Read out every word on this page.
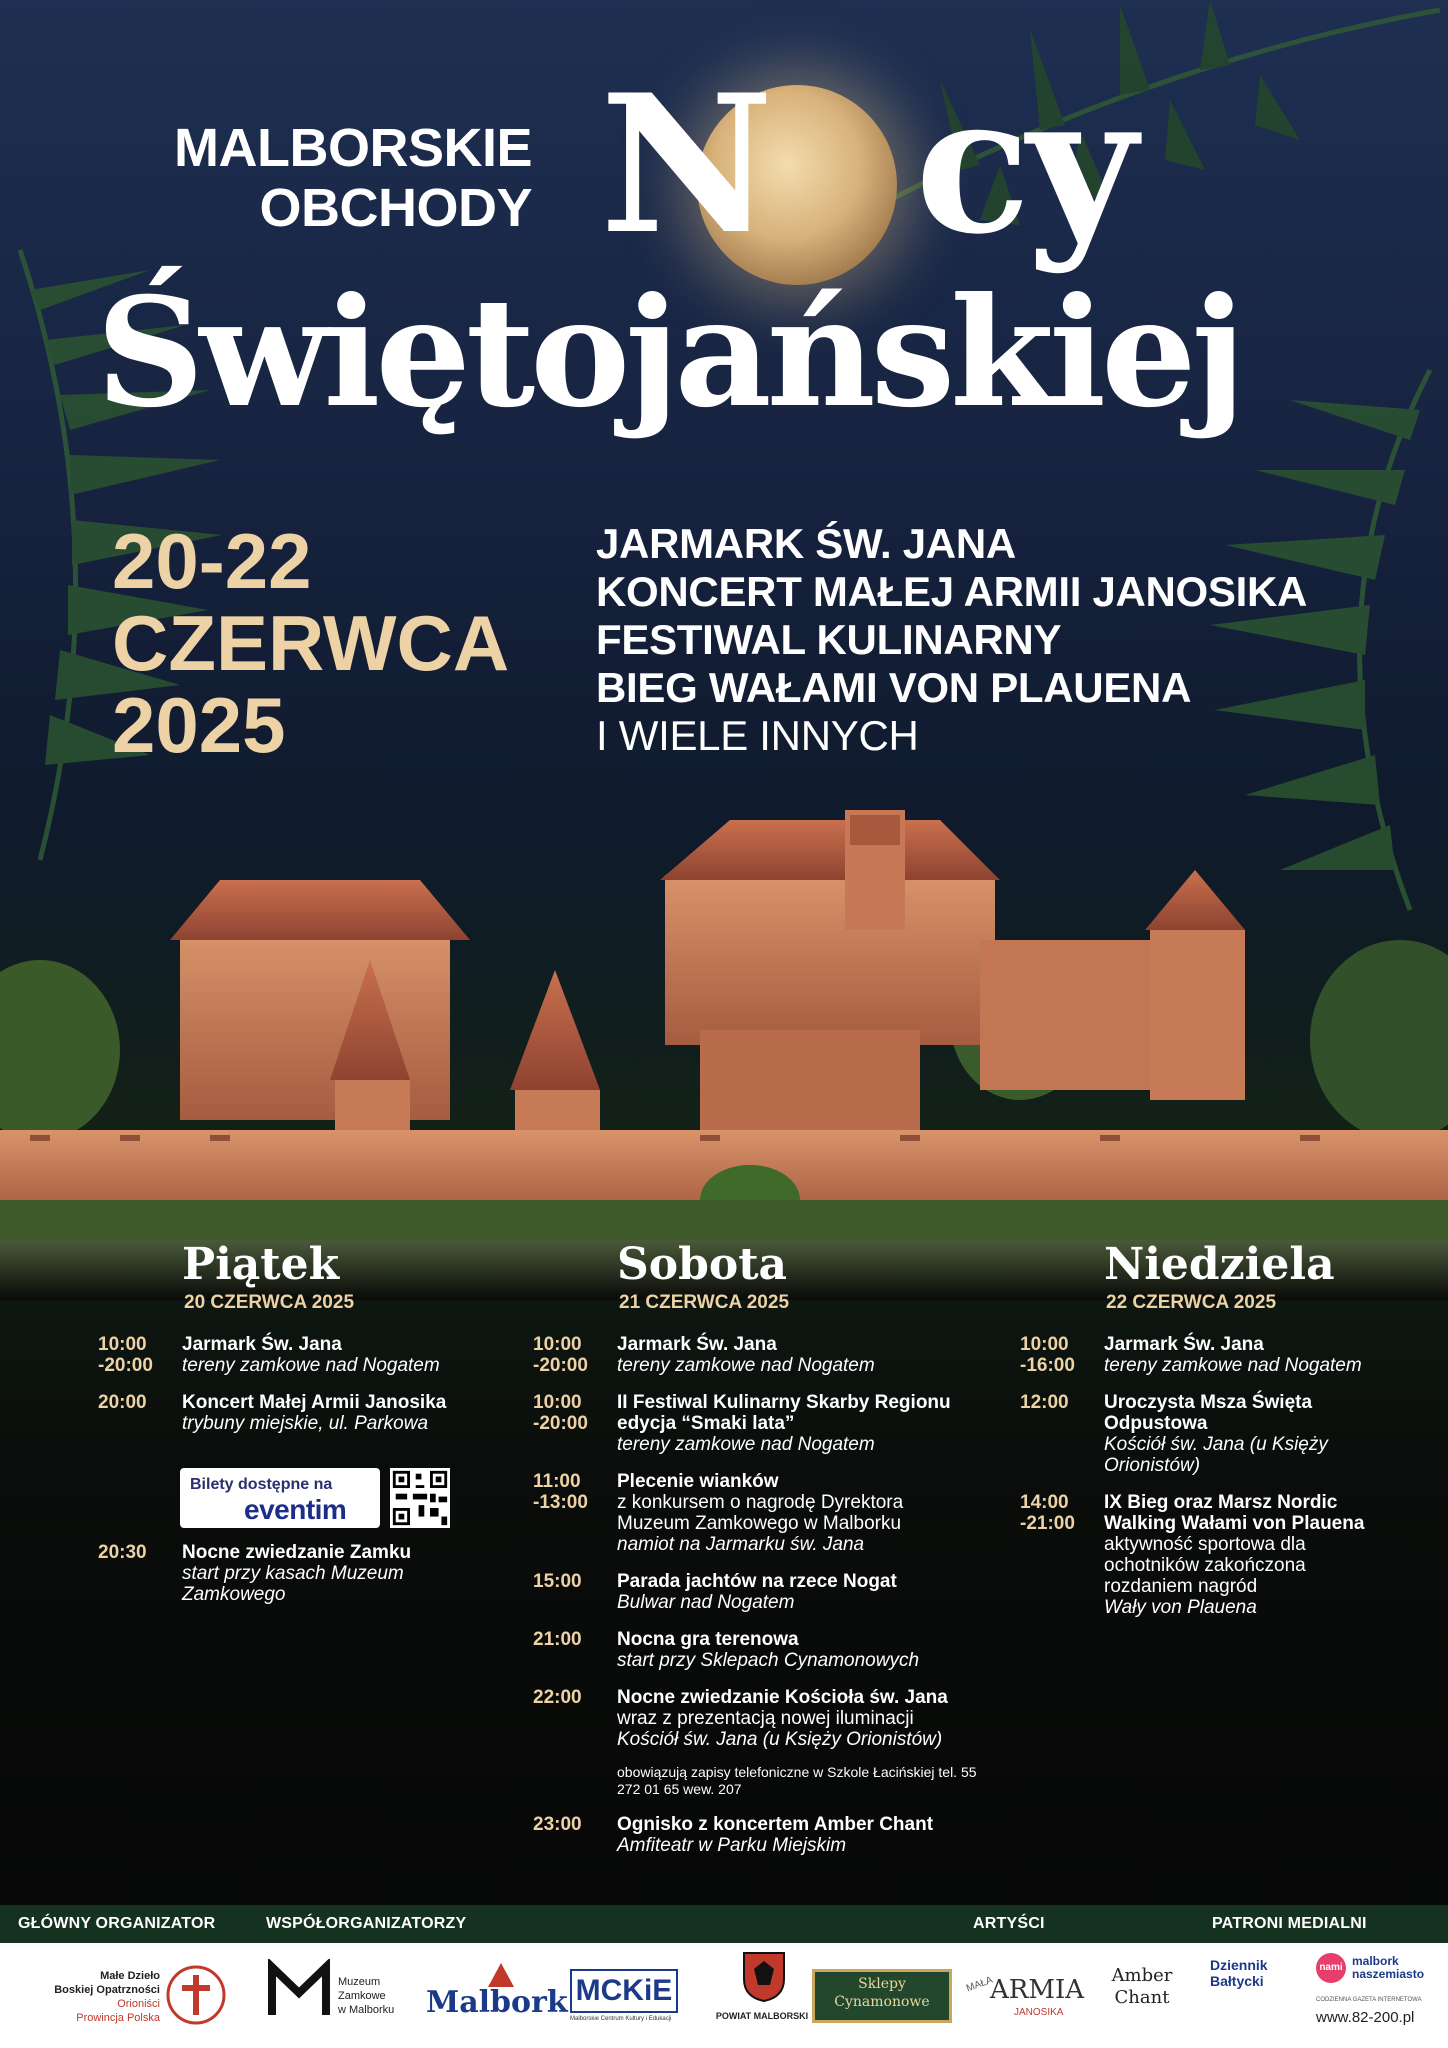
MALBORSKIE
OBCHODY N cy
Świętojańskiej
20-22
CZERWCA
2025
JARMARK ŚW. JANA
KONCERT MAŁEJ ARMII JANOSIKA
FESTIWAL KULINARNY
BIEG WAŁAMI VON PLAUENA
I WIELE INNYCH
Piątek
20 CZERWCA 2025
10:00
-20:00
Jarmark Św. Jana
tereny zamkowe nad Nogatem
20:00	Koncert Małej Armii Janosika
trybuny miejskie, ul. Parkowa
20:30	Nocne zwiedzanie Zamku
start przy kasach Muzeum Zamkowego
Sobota
21 CZERWCA 2025
10:00
-20:00
Jarmark Św. Jana
tereny zamkowe nad Nogatem
10:00
-20:00
II Festiwal Kulinarny Skarby Regionu edycja “Smaki lata”
tereny zamkowe nad Nogatem
11:00
-13:00
Plecenie wianków
z konkursem o nagrodę Dyrektora Muzeum Zamkowego w Malborku
namiot na Jarmarku św. Jana
15:00	Parada jachtów na rzece Nogat
Bulwar nad Nogatem
21:00	Nocna gra terenowa
start przy Sklepach Cynamonowych
22:00	Nocne zwiedzanie Kościoła św. Jana
wraz z prezentacją nowej iluminacji
Kościół św. Jana (u Księży Orionistów)
obowiązują zapisy telefoniczne w Szkole Łacińskiej tel. 55 272 01 65 wew. 207
23:00	Ognisko z koncertem Amber Chant
Amfiteatr w Parku Miejskim
Niedziela
22 CZERWCA 2025
10:00
-16:00
Jarmark Św. Jana
tereny zamkowe nad Nogatem
12:00	Uroczysta Msza Święta Odpustowa
Kościół św. Jana (u Księży Orionistów)
14:00
-21:00
IX Bieg oraz Marsz Nordic Walking Wałami von Plauena
aktywność sportowa dla ochotników zakończona rozdaniem nagród
Wały von Plauena
Bilety dostępne na
eventim
GŁÓWNY ORGANIZATOR	WSPÓŁORGANIZATORZY	ARTYŚCI	PATRONI MEDIALNI
Małe Dzieło
Boskiej Opatrzności
Orioniści
Prowincja Polska
Muzeum
Zamkowe
w Malborku	Malbork MCKiE
Malborskie Centrum Kultury i Edukacji	POWIAT MALBORSKI
Sklepy
Cynamonowe
MAŁA
ARMIA
JANOSIKA
Amber
Chant
Dziennik
Bałtycki
nami malbork
naszemiasto
CODZIENNA GAZETA INTERNETOWA
www.82-200.pl
